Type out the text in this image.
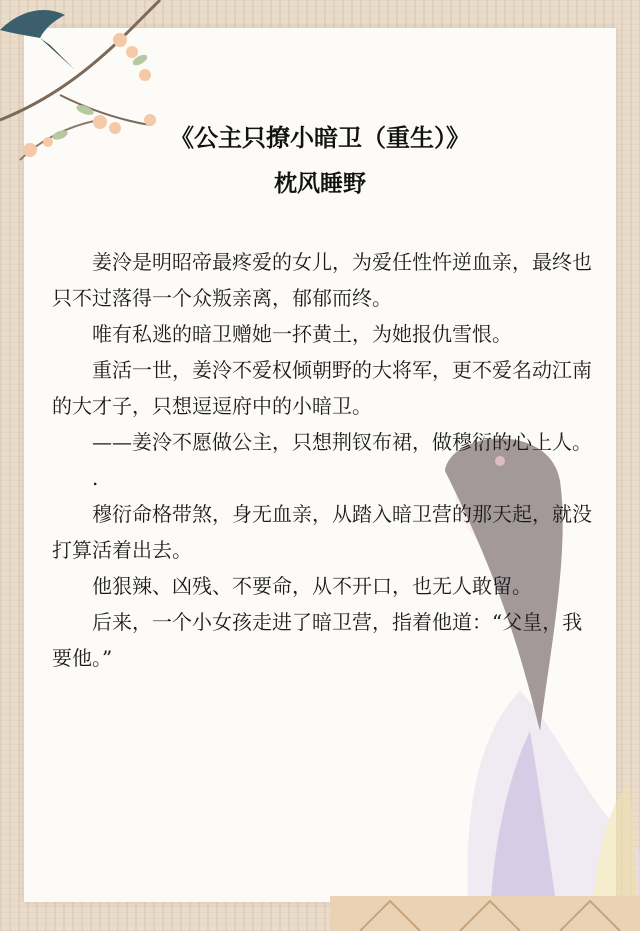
《公主只撩小暗卫（重生）》
枕风睡野

姜泠是明昭帝最疼爱的女儿，为爱任性忤逆血亲，最终也只不过落得一个众叛亲离，郁郁而终。

唯有私逃的暗卫赠她一抔黄土，为她报仇雪恨。

重活一世，姜泠不爱权倾朝野的大将军，更不爱名动江南的大才子，只想逗逗府中的小暗卫。

——姜泠不愿做公主，只想荆钗布裙，做穆衍的心上人。

.

穆衍命格带煞，身无血亲，从踏入暗卫营的那天起，就没打算活着出去。

他狠辣、凶残、不要命，从不开口，也无人敢留。

后来，一个小女孩走进了暗卫营，指着他道：“父皇，我要他。”
